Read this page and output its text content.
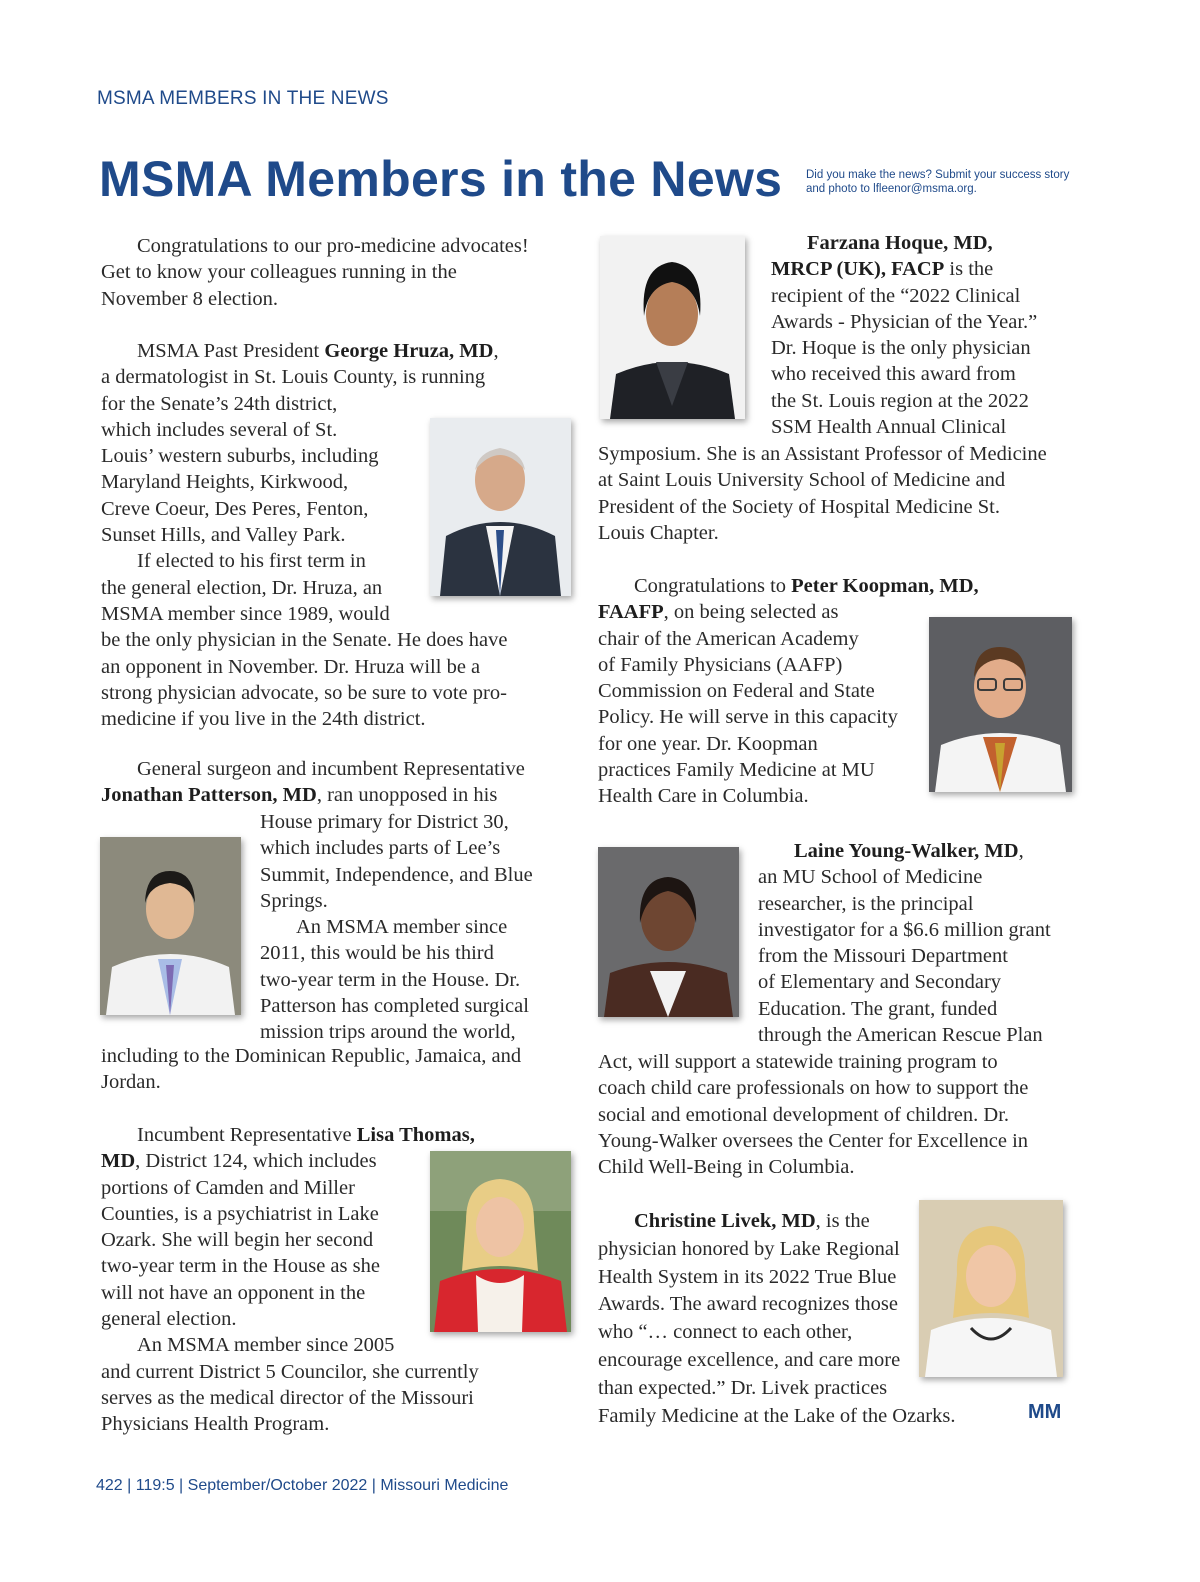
MSMA MEMBERS IN THE NEWS
MSMA Members in the News Did you make the news? Submit your success story and photo to lfleenor@msma.org.
Congratulations to our pro-medicine advocates!
Get to know your colleagues running in the
November 8 election.
MSMA Past President George Hruza, MD,
a dermatologist in St. Louis County, is running
for the Senate’s 24th district,
which includes several of St.
Louis’ western suburbs, including
Maryland Heights, Kirkwood,
Creve Coeur, Des Peres, Fenton,
Sunset Hills, and Valley Park.
If elected to his first term in
the general election, Dr. Hruza, an
MSMA member since 1989, would
be the only physician in the Senate. He does have
an opponent in November. Dr. Hruza will be a
strong physician advocate, so be sure to vote pro-
medicine if you live in the 24th district.
General surgeon and incumbent Representative
Jonathan Patterson, MD, ran unopposed in his
House primary for District 30,
which includes parts of Lee’s
Summit, Independence, and Blue
Springs.
An MSMA member since
2011, this would be his third
two-year term in the House. Dr.
Patterson has completed surgical
mission trips around the world,
including to the Dominican Republic, Jamaica, and
Jordan.
Incumbent Representative Lisa Thomas,
MD, District 124, which includes
portions of Camden and Miller
Counties, is a psychiatrist in Lake
Ozark. She will begin her second
two-year term in the House as she
will not have an opponent in the
general election.
An MSMA member since 2005
and current District 5 Councilor, she currently
serves as the medical director of the Missouri
Physicians Health Program.
Farzana Hoque, MD,
MRCP (UK), FACP is the
recipient of the “2022 Clinical
Awards - Physician of the Year.”
Dr. Hoque is the only physician
who received this award from
the St. Louis region at the 2022
SSM Health Annual Clinical
Symposium. She is an Assistant Professor of Medicine
at Saint Louis University School of Medicine and
President of the Society of Hospital Medicine St.
Louis Chapter.
Congratulations to Peter Koopman, MD,
FAAFP, on being selected as
chair of the American Academy
of Family Physicians (AAFP)
Commission on Federal and State
Policy. He will serve in this capacity
for one year. Dr. Koopman
practices Family Medicine at MU
Health Care in Columbia.
Laine Young-Walker, MD,
an MU School of Medicine
researcher, is the principal
investigator for a $6.6 million grant
from the Missouri Department
of Elementary and Secondary
Education. The grant, funded
through the American Rescue Plan
Act, will support a statewide training program to
coach child care professionals on how to support the
social and emotional development of children. Dr.
Young-Walker oversees the Center for Excellence in
Child Well-Being in Columbia.
Christine Livek, MD, is the
physician honored by Lake Regional
Health System in its 2022 True Blue
Awards. The award recognizes those
who “… connect to each other,
encourage excellence, and care more
than expected.” Dr. Livek practices
Family Medicine at the Lake of the Ozarks.	MM
422 | 119:5 | September/October 2022 | Missouri Medicine
